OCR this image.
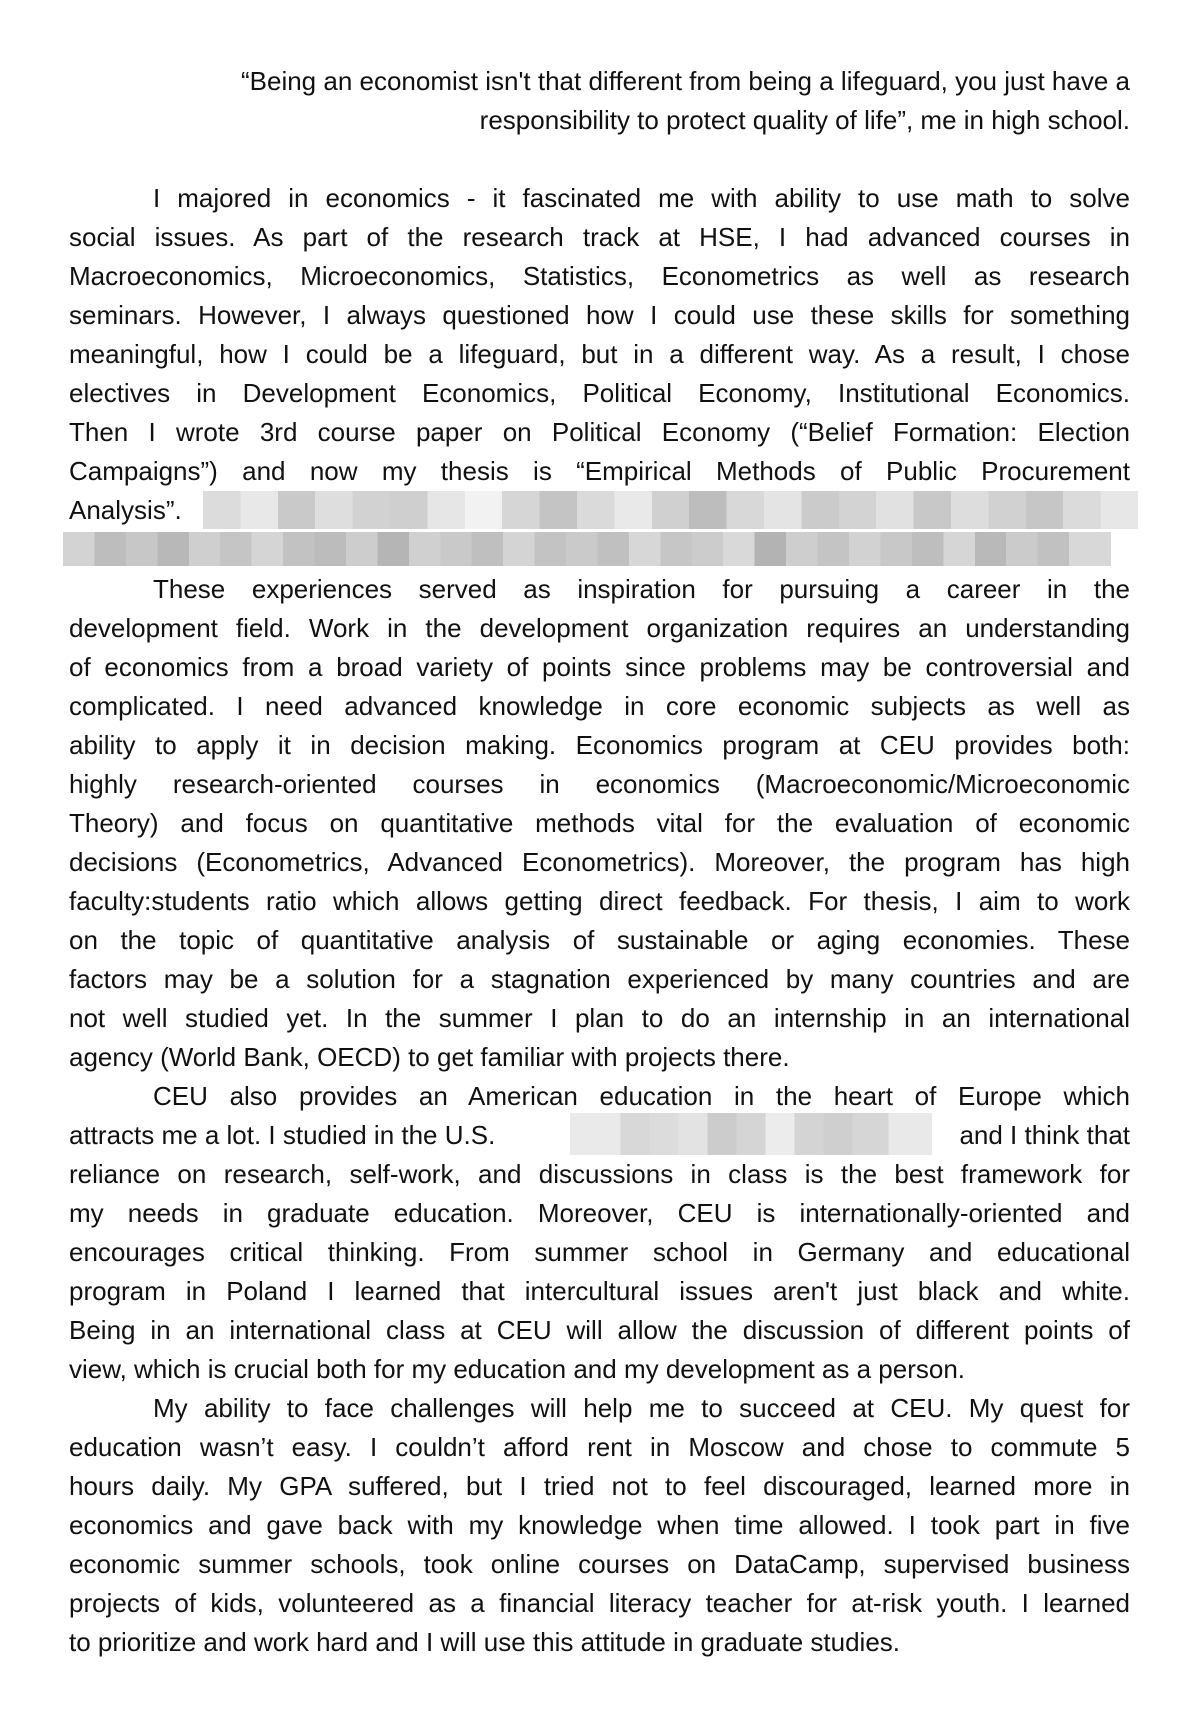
“Being an economist isn't that different from being a lifeguard, you just have a
responsibility to protect quality of life”, me in high school.
I majored in economics - it fascinated me with ability to use math to solve
social issues. As part of the research track at HSE, I had advanced courses in
Macroeconomics, Microeconomics, Statistics, Econometrics as well as research
seminars. However, I always questioned how I could use these skills for something
meaningful, how I could be a lifeguard, but in a different way. As a result, I chose
electives in Development Economics, Political Economy, Institutional Economics.
Then I wrote 3rd course paper on Political Economy (“Belief Formation: Election
Campaigns”) and now my thesis is “Empirical Methods of Public Procurement
Analysis”.
These experiences served as inspiration for pursuing a career in the
development field. Work in the development organization requires an understanding
of economics from a broad variety of points since problems may be controversial and
complicated. I need advanced knowledge in core economic subjects as well as
ability to apply it in decision making. Economics program at CEU provides both:
highly research-oriented courses in economics (Macroeconomic/Microeconomic
Theory) and focus on quantitative methods vital for the evaluation of economic
decisions (Econometrics, Advanced Econometrics). Moreover, the program has high
faculty:students ratio which allows getting direct feedback. For thesis, I aim to work
on the topic of quantitative analysis of sustainable or aging economies. These
factors may be a solution for a stagnation experienced by many countries and are
not well studied yet. In the summer I plan to do an internship in an international
agency (World Bank, OECD) to get familiar with projects there.
CEU also provides an American education in the heart of Europe which
attracts me a lot. I studied in the U.S.	and I think that
reliance on research, self-work, and discussions in class is the best framework for
my needs in graduate education. Moreover, CEU is internationally-oriented and
encourages critical thinking. From summer school in Germany and educational
program in Poland I learned that intercultural issues aren't just black and white.
Being in an international class at CEU will allow the discussion of different points of
view, which is crucial both for my education and my development as a person.
My ability to face challenges will help me to succeed at CEU. My quest for
education wasn’t easy. I couldn’t afford rent in Moscow and chose to commute 5
hours daily. My GPA suffered, but I tried not to feel discouraged, learned more in
economics and gave back with my knowledge when time allowed. I took part in five
economic summer schools, took online courses on DataCamp, supervised business
projects of kids, volunteered as a financial literacy teacher for at-risk youth. I learned
to prioritize and work hard and I will use this attitude in graduate studies.
